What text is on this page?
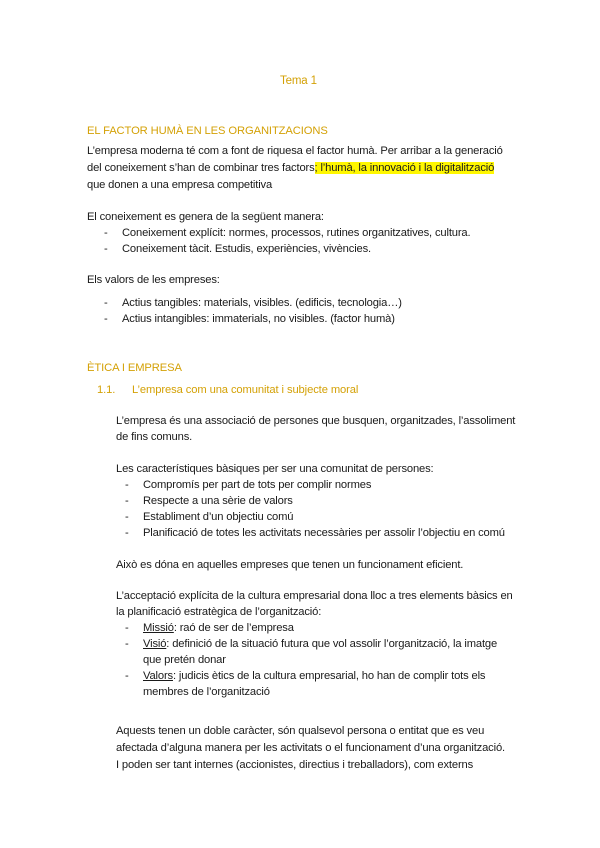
Tema 1
EL FACTOR HUMÀ EN LES ORGANITZACIONS
L’empresa moderna té com a font de riquesa el factor humà. Per arribar a la generació
del coneixement s’han de combinar tres factors; l’humà, la innovació i la digitalització
que donen a una empresa competitiva
El coneixement es genera de la següent manera:
- Coneixement explícit: normes, processos, rutines organitzatives, cultura.
- Coneixement tàcit. Estudis, experiències, vivències.
Els valors de les empreses:
- Actius tangibles: materials, visibles. (edificis, tecnologia…)
- Actius intangibles: immaterials, no visibles. (factor humà)
ÈTICA I EMPRESA
1.1. L’empresa com una comunitat i subjecte moral
L’empresa és una associació de persones que busquen, organitzades, l’assoliment
de fins comuns.
Les característiques bàsiques per ser una comunitat de persones:
- Compromís per part de tots per complir normes
- Respecte a una sèrie de valors
- Establiment d’un objectiu comú
- Planificació de totes les activitats necessàries per assolir l’objectiu en comú
Això es dóna en aquelles empreses que tenen un funcionament eficient.
L’acceptació explícita de la cultura empresarial dona lloc a tres elements bàsics en
la planificació estratègica de l’organització:
- Missió: raó de ser de l’empresa
- Visió: definició de la situació futura que vol assolir l’organització, la imatge
que pretén donar
- Valors: judicis ètics de la cultura empresarial, ho han de complir tots els
membres de l’organització
Aquests tenen un doble caràcter, són qualsevol persona o entitat que es veu
afectada d’alguna manera per les activitats o el funcionament d’una organització.
I poden ser tant internes (accionistes, directius i treballadors), com externs
